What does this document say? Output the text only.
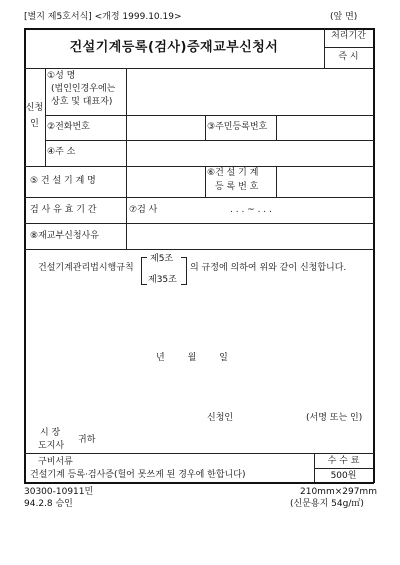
[별지 제5호서식] <개정 1999.10.19>	(앞 면)
건설기계등록(검사)증재교부신청서
처리기간
즉 시
신청
인
①성 명
(법인인경우에는
상호 및 대표자)
②전화번호	③주민등록번호
④주 소
⑤ 건 설 기 계 명
⑥건 설 기 계
등 록 번 호
검 사 유 효 기 간	⑦검 사	. . . ~ . . .
⑧재교부신청사유
건설기계관리법시행규칙
제5조
제35조
의 규정에 의하여 위와 같이 신청합니다.
년        월        일
신청인	(서명 또는 인)
시 장
도지사
귀하
구비서류
건설기계 등록·검사증(헐어 못쓰게 된 경우에 한합니다)
수 수 료
500원
30300-10911민
94.2.8 승인
210mm×297mm
(신문용지 54g/㎡)
